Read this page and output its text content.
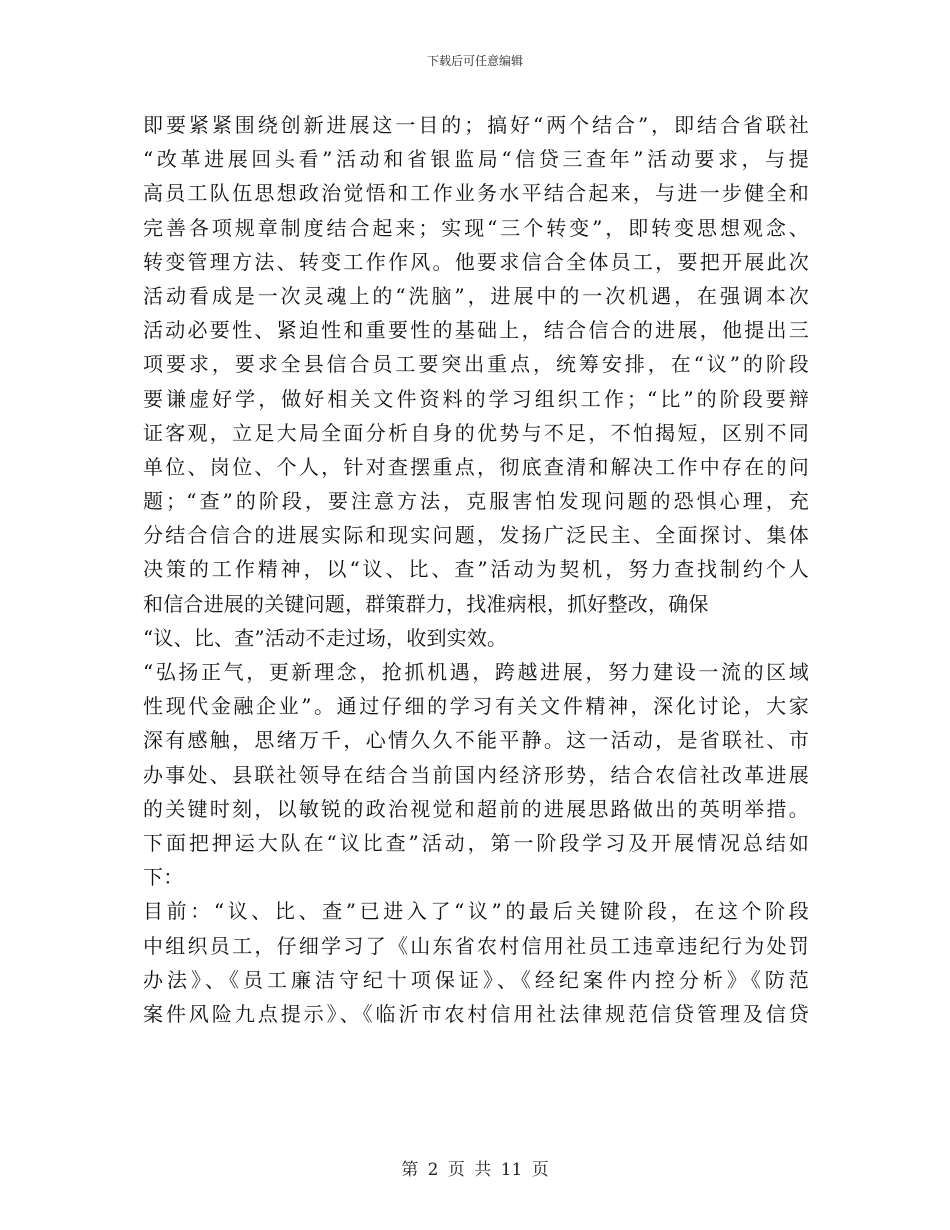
下载后可任意编辑
即要紧紧围绕创新进展这一目的；搞好“两个结合”，即结合省联社
“改革进展回头看”活动和省银监局“信贷三查年”活动要求，与提
高员工队伍思想政治觉悟和工作业务水平结合起来，与进一步健全和
完善各项规章制度结合起来；实现“三个转变”，即转变思想观念、
转变管理方法、转变工作作风。他要求信合全体员工，要把开展此次
活动看成是一次灵魂上的“洗脑”，进展中的一次机遇，在强调本次
活动必要性、紧迫性和重要性的基础上，结合信合的进展，他提出三
项要求，要求全县信合员工要突出重点，统筹安排，在“议”的阶段
要谦虚好学，做好相关文件资料的学习组织工作；“比”的阶段要辩
证客观，立足大局全面分析自身的优势与不足，不怕揭短，区别不同
单位、岗位、个人，针对查摆重点，彻底查清和解决工作中存在的问
题；“查”的阶段，要注意方法，克服害怕发现问题的恐惧心理，充
分结合信合的进展实际和现实问题，发扬广泛民主、全面探讨、集体
决策的工作精神，以“议、比、查”活动为契机，努力查找制约个人
和信合进展的关键问题，群策群力，找准病根，抓好整改，确保
“议、比、查”活动不走过场，收到实效。
“弘扬正气，更新理念，抢抓机遇，跨越进展，努力建设一流的区域
性现代金融企业”。通过仔细的学习有关文件精神，深化讨论，大家
深有感触，思绪万千，心情久久不能平静。这一活动，是省联社、市
办事处、县联社领导在结合当前国内经济形势，结合农信社改革进展
的关键时刻，以敏锐的政治视觉和超前的进展思路做出的英明举措。
下面把押运大队在“议比查”活动，第一阶段学习及开展情况总结如
下：
目前：“议、比、查”已进入了“议”的最后关键阶段，在这个阶段
中组织员工，仔细学习了《山东省农村信用社员工违章违纪行为处罚
办法》、《员工廉洁守纪十项保证》、《经纪案件内控分析》《防范
案件风险九点提示》、《临沂市农村信用社法律规范信贷管理及信贷
第 2 页 共 11 页
